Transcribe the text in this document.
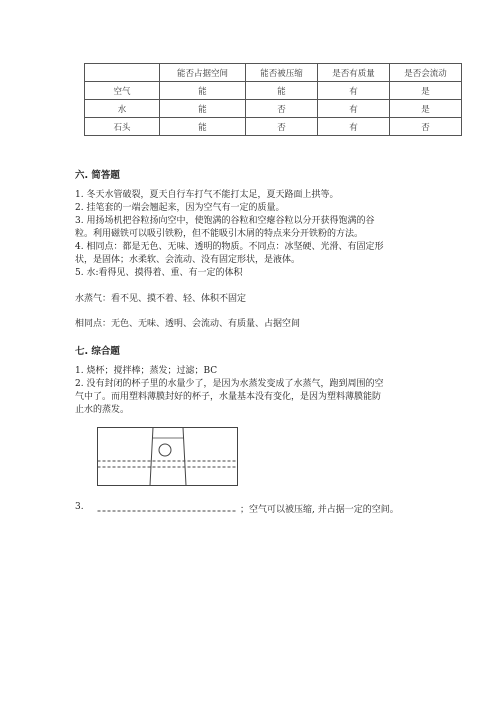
	能否占据空间	能否被压缩	是否有质量	是否会流动
空气	能	能	有	是
水	能	否	有	是
石头	能	否	有	否
六. 简答题
1. 冬天水管破裂，夏天自行车打气不能打太足，夏天路面上拱等。
2. 挂笔套的一端会翘起来，因为空气有一定的质量。
3. 用扬场机把谷粒扬向空中，使饱满的谷粒和空瘪谷粒以分开获得饱满的谷
粒。利用磁铁可以吸引铁粉，但不能吸引木屑的特点来分开铁粉的方法。
4. 相同点：都是无色、无味、透明的物质。不同点：冰坚硬、光滑、有固定形
状，是固体；水柔软、会流动、没有固定形状，是液体。
5. 水:看得见、摸得着、重、有一定的体积
水蒸气：看不见、摸不着、轻、体积不固定
相同点：无色、无味、透明、会流动、有质量、占据空间
七. 综合题
1. 烧杯；搅拌棒；蒸发；过滤；BC
2. 没有封闭的杯子里的水量少了，是因为水蒸发变成了水蒸气，跑到周围的空
气中了。而用塑料薄膜封好的杯子，水量基本没有变化，是因为塑料薄膜能防
止水的蒸发。
3.	；空气可以被压缩, 并占据一定的空间。
